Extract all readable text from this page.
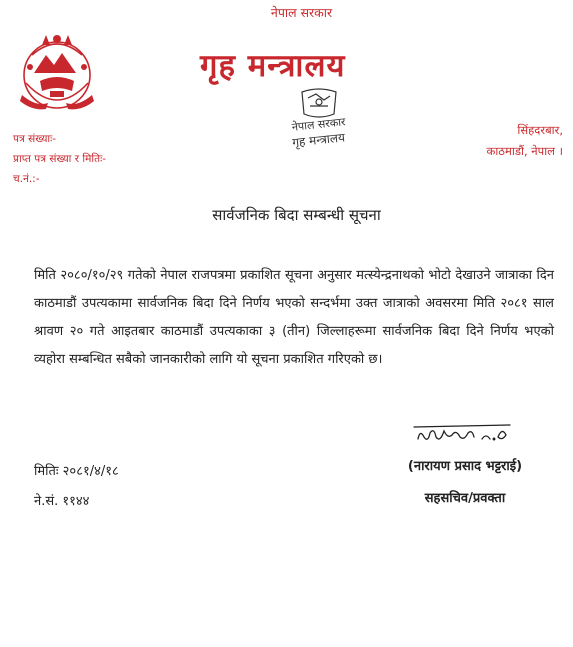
नेपाल सरकार
गृह मन्त्रालय
नेपाल सरकार
गृह मन्त्रालय
पत्र संख्याः-
प्राप्त पत्र संख्या र मितिः-
च.नं.:-
सिंहदरबार,
काठमाडौं, नेपाल ।
सार्वजनिक बिदा सम्बन्धी सूचना
मिति २०८०/१०/२९ गतेको नेपाल राजपत्रमा प्रकाशित सूचना अनुसार मत्स्येन्द्रनाथको भोटो देखाउने जात्राका दिन काठमाडौं उपत्यकामा सार्वजनिक बिदा दिने निर्णय भएको सन्दर्भमा उक्त जात्राको अवसरमा मिति २०८१ साल श्रावण २० गते आइतबार काठमाडौं उपत्यकाका ३ (तीन) जिल्लाहरूमा सार्वजनिक बिदा दिने निर्णय भएको व्यहोरा सम्बन्धित सबैको जानकारीको लागि यो सूचना प्रकाशित गरिएको छ।
मितिः २०८१/४/१८
ने.सं. ११४४
(नारायण प्रसाद भट्टराई)
सहसचिव/प्रवक्ता
